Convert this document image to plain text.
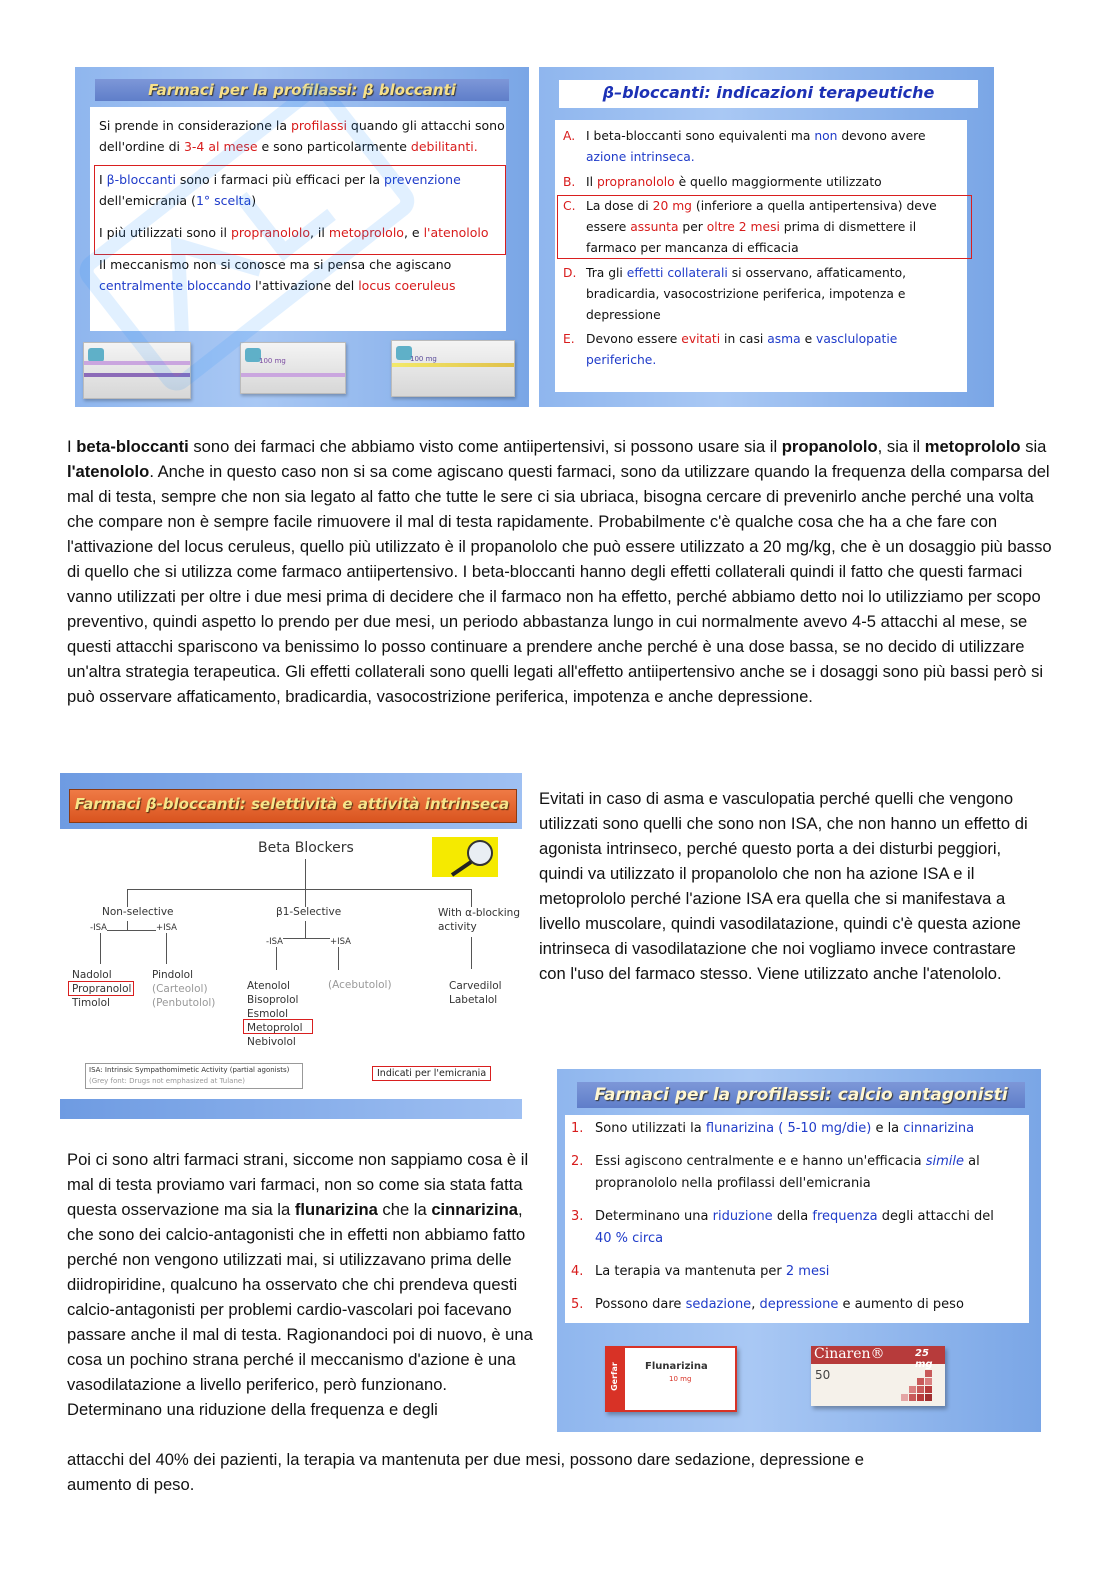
Farmaci per la profilassi: β bloccanti
Si prende in considerazione la profilassi quando gli attacchi sono
dell'ordine di 3-4 al mese e sono particolarmente debilitanti.
I β-bloccanti sono i farmaci più efficaci per la prevenzione
dell'emicrania (1° scelta)
I più utilizzati sono il propranololo, il metoprololo, e l'atenololo
Il meccanismo non si conosce ma si pensa che agiscano
centralmente bloccando l'attivazione del locus coeruleus
100 mg	100 mg
β–bloccanti: indicazioni terapeutiche
A. I beta-bloccanti sono equivalenti ma non devono avere
azione intrinseca.
B. Il propranololo è quello maggiormente utilizzato
C. La dose di 20 mg (inferiore a quella antipertensiva) deve
essere assunta per oltre 2 mesi prima di dismettere il
farmaco per mancanza di efficacia
D. Tra gli effetti collaterali si osservano, affaticamento,
bradicardia, vasocostrizione periferica, impotenza e
depressione
E. Devono essere evitati in casi asma e vasclulopatie
periferiche.
I beta-bloccanti sono dei farmaci che abbiamo visto come antiipertensivi, si possono usare sia il propanololo, sia il metoprololo sia l'atenololo. Anche in questo caso non si sa come agiscano questi farmaci, sono da utilizzare quando la frequenza della comparsa del mal di testa, sempre che non sia legato al fatto che tutte le sere ci sia ubriaca, bisogna cercare di prevenirlo anche perché una volta che compare non è sempre facile rimuovere il mal di testa rapidamente. Probabilmente c'è qualche cosa che ha a che fare con l'attivazione del locus ceruleus, quello più utilizzato è il propanololo che può essere utilizzato a 20 mg/kg, che è un dosaggio più basso di quello che si utilizza come farmaco antiipertensivo. I beta-bloccanti hanno degli effetti collaterali quindi il fatto che questi farmaci vanno utilizzati per oltre i due mesi prima di decidere che il farmaco non ha effetto, perché abbiamo detto noi lo utilizziamo per scopo preventivo, quindi aspetto lo prendo per due mesi, un periodo abbastanza lungo in cui normalmente avevo 4-5 attacchi al mese, se questi attacchi spariscono va benissimo lo posso continuare a prendere anche perché è una dose bassa, se no decido di utilizzare un'altra strategia terapeutica. Gli effetti collaterali sono quelli legati all'effetto antiipertensivo anche se i dosaggi sono più bassi però si può osservare affaticamento, bradicardia, vasocostrizione periferica, impotenza e anche depressione.
Farmaci β-bloccanti: selettività e attività intrinseca
Beta Blockers
Non-selective	β1-Selective	With α-blocking
activity
-ISA	+ISA
-ISA	+ISA
Nadolol
Propranolol
Timolol
Pindolol
(Carteolol)
(Penbutolol)
Atenolol
Bisoprolol
Esmolol
Metoprolol
Nebivolol
(Acebutolol)	Carvedilol
Labetalol
ISA: Intrinsic Sympathomimetic Activity (partial agonists)
(Grey font: Drugs not emphasized at Tulane)
Indicati per l'emicrania
Evitati in caso di asma e vasculopatia perché quelli che vengono utilizzati sono quelli che sono non ISA, che non hanno un effetto di agonista intrinseco, perché questo porta a dei disturbi peggiori, quindi va utilizzato il propanololo che non ha azione ISA e il metoprololo perché l'azione ISA era quella che si manifestava a livello muscolare, quindi vasodilatazione, quindi c'è questa azione intrinseca di vasodilatazione che noi vogliamo invece contrastare con l'uso del farmaco stesso. Viene utilizzato anche l'atenololo.
Farmaci per la profilassi: calcio antagonisti
1. Sono utilizzati la flunarizina ( 5-10 mg/die) e la cinnarizina
2. Essi agiscono centralmente e e hanno un'efficacia simile al
propranololo nella profilassi dell'emicrania
3. Determinano una riduzione della frequenza degli attacchi del
40 % circa
4. La terapia va mantenuta per 2 mesi
5. Possono dare sedazione, depressione e aumento di peso
Gerfar	Flunarizina
10 mg
Cinaren®	25 mg
50
Poi ci sono altri farmaci strani, siccome non sappiamo cosa è il mal di testa proviamo vari farmaci, non so come sia stata fatta questa osservazione ma sia la flunarizina che la cinnarizina, che sono dei calcio-antagonisti che in effetti non abbiamo fatto perché non vengono utilizzati mai, si utilizzavano prima delle diidropiridine, qualcuno ha osservato che chi prendeva questi calcio-antagonisti per problemi cardio-vascolari poi facevano passare anche il mal di testa. Ragionandoci poi di nuovo, è una cosa un pochino strana perché il meccanismo d'azione è una vasodilatazione a livello periferico, però funzionano. Determinano una riduzione della frequenza e degli
attacchi del 40% dei pazienti, la terapia va mantenuta per due mesi, possono dare sedazione, depressione e
aumento di peso.
